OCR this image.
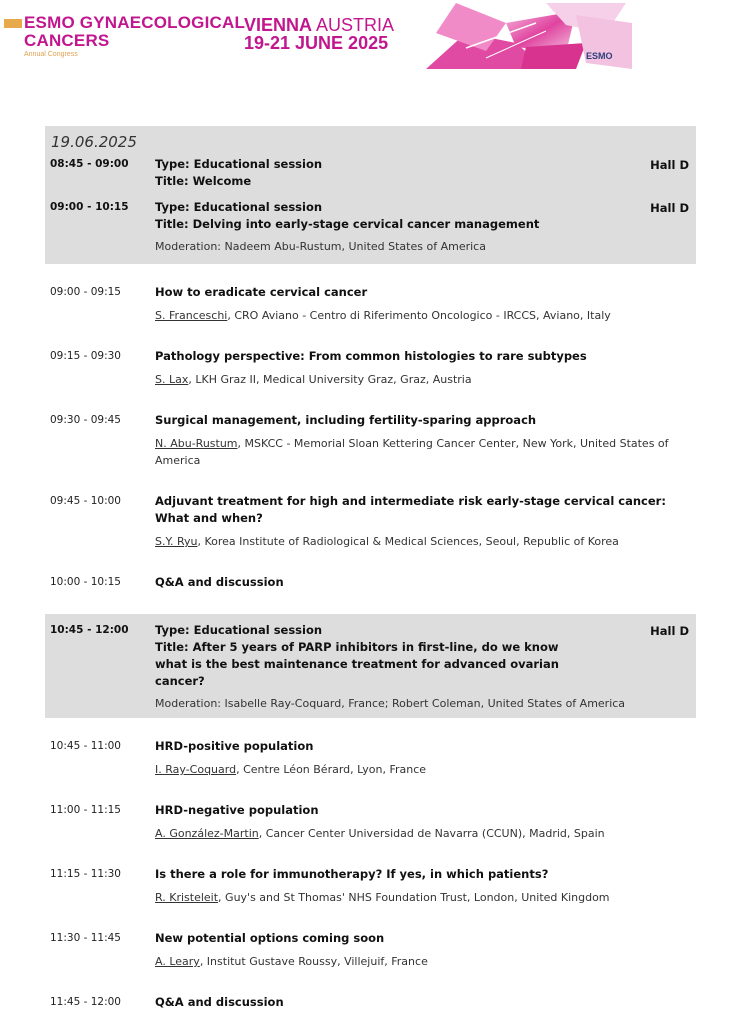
ESMO GYNAECOLOGICAL
CANCERS
Annual Congress
VIENNA AUSTRIA
19-21 JUNE 2025
ESMO
19.06.2025
08:45 - 09:00	Hall D
Type: Educational session
Title: Welcome
09:00 - 10:15	Hall D
Type: Educational session
Title: Delving into early-stage cervical cancer management
Moderation: Nadeem Abu-Rustum, United States of America
09:00 - 09:15	How to eradicate cervical cancer
S. Franceschi, CRO Aviano - Centro di Riferimento Oncologico - IRCCS, Aviano, Italy
09:15 - 09:30	Pathology perspective: From common histologies to rare subtypes
S. Lax, LKH Graz II, Medical University Graz, Graz, Austria
09:30 - 09:45	Surgical management, including fertility-sparing approach
N. Abu-Rustum, MSKCC - Memorial Sloan Kettering Cancer Center, New York, United States of America
09:45 - 10:00	Adjuvant treatment for high and intermediate risk early-stage cervical cancer: What and when?
S.Y. Ryu, Korea Institute of Radiological & Medical Sciences, Seoul, Republic of Korea
10:00 - 10:15	Q&A and discussion
10:45 - 12:00	Hall D
Type: Educational session
Title: After 5 years of PARP inhibitors in first-line, do we know what is the best maintenance treatment for advanced ovarian cancer?
Moderation: Isabelle Ray-Coquard, France; Robert Coleman, United States of America
10:45 - 11:00	HRD-positive population
I. Ray-Coquard, Centre Léon Bérard, Lyon, France
11:00 - 11:15	HRD-negative population
A. González-Martin, Cancer Center Universidad de Navarra (CCUN), Madrid, Spain
11:15 - 11:30	Is there a role for immunotherapy? If yes, in which patients?
R. Kristeleit, Guy's and St Thomas' NHS Foundation Trust, London, United Kingdom
11:30 - 11:45	New potential options coming soon
A. Leary, Institut Gustave Roussy, Villejuif, France
11:45 - 12:00	Q&A and discussion
